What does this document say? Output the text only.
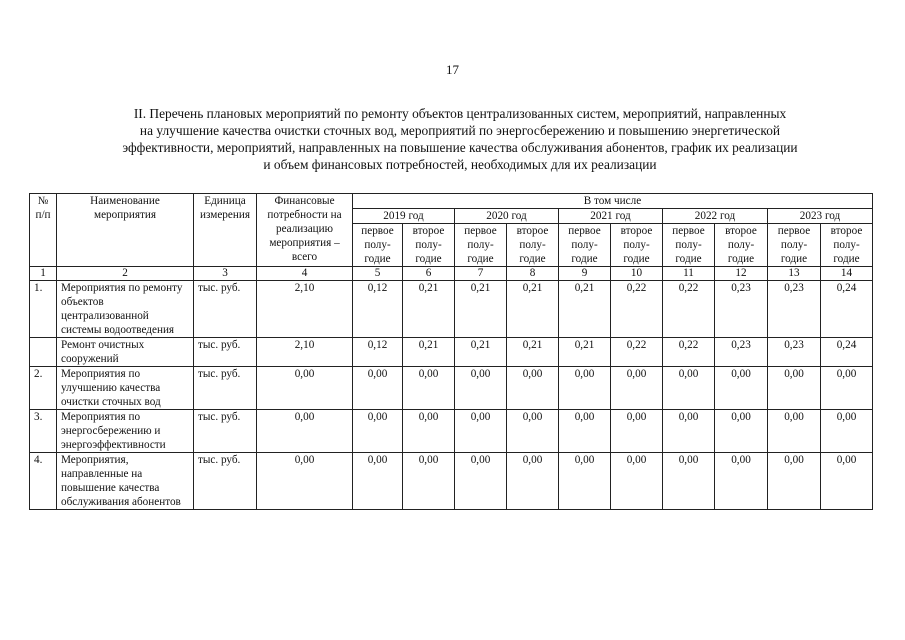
17
II. Перечень плановых мероприятий по ремонту объектов централизованных систем, мероприятий, направленных
на улучшение качества очистки сточных вод, мероприятий по энергосбережению и повышению энергетической
эффективности, мероприятий, направленных на повышение качества обслуживания абонентов, график их реализации
и объем финансовых потребностей, необходимых для их реализации
№ п/п	Наименование мероприятия	Единица измерения	Финансовые потребности на реализацию мероприятия – всего	В том числе									
				2019 год		2020 год		2021 год		2022 год		2023 год	
				первое полу-годие	второе полу-годие	первое полу-годие	второе полу-годие	первое полу-годие	второе полу-годие	первое полу-годие	второе полу-годие	первое полу-годие	второе полу-годие
1	2	3	4	5	6	7	8	9	10	11	12	13	14
1.	Мероприятия по ремонту объектов централизованной системы водоотведения	тыс. руб.	2,10	0,12	0,21	0,21	0,21	0,21	0,22	0,22	0,23	0,23	0,24
	Ремонт очистных сооружений	тыс. руб.	2,10	0,12	0,21	0,21	0,21	0,21	0,22	0,22	0,23	0,23	0,24
2.	Мероприятия по улучшению качества очистки сточных вод	тыс. руб.	0,00	0,00	0,00	0,00	0,00	0,00	0,00	0,00	0,00	0,00	0,00
3.	Мероприятия по энергосбережению и энергоэффективности	тыс. руб.	0,00	0,00	0,00	0,00	0,00	0,00	0,00	0,00	0,00	0,00	0,00
4.	Мероприятия, направленные на повышение качества обслуживания абонентов	тыс. руб.	0,00	0,00	0,00	0,00	0,00	0,00	0,00	0,00	0,00	0,00	0,00
